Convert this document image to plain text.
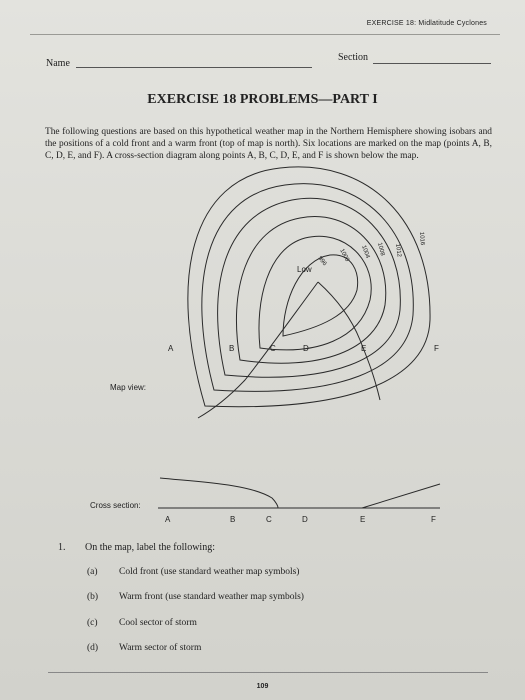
EXERCISE 18: Midlatitude Cyclones
Name
Section
EXERCISE 18 PROBLEMS—PART I
The following questions are based on this hypothetical weather map in the Northern Hemisphere showing isobars and the positions of a cold front and a warm front (top of map is north). Six locations are marked on the map (points A, B, C, D, E, and F). A cross-section diagram along points A, B, C, D, E, and F is shown below the map.
996 1000 1004 1008 1012
1016
Low
A	B	C	D	E	F
Map view:
Cross section:
A	B	C	D	E	F
1. On the map, label the following:
(a) Cold front (use standard weather map symbols)
(b) Warm front (use standard weather map symbols)
(c) Cool sector of storm
(d) Warm sector of storm
109
